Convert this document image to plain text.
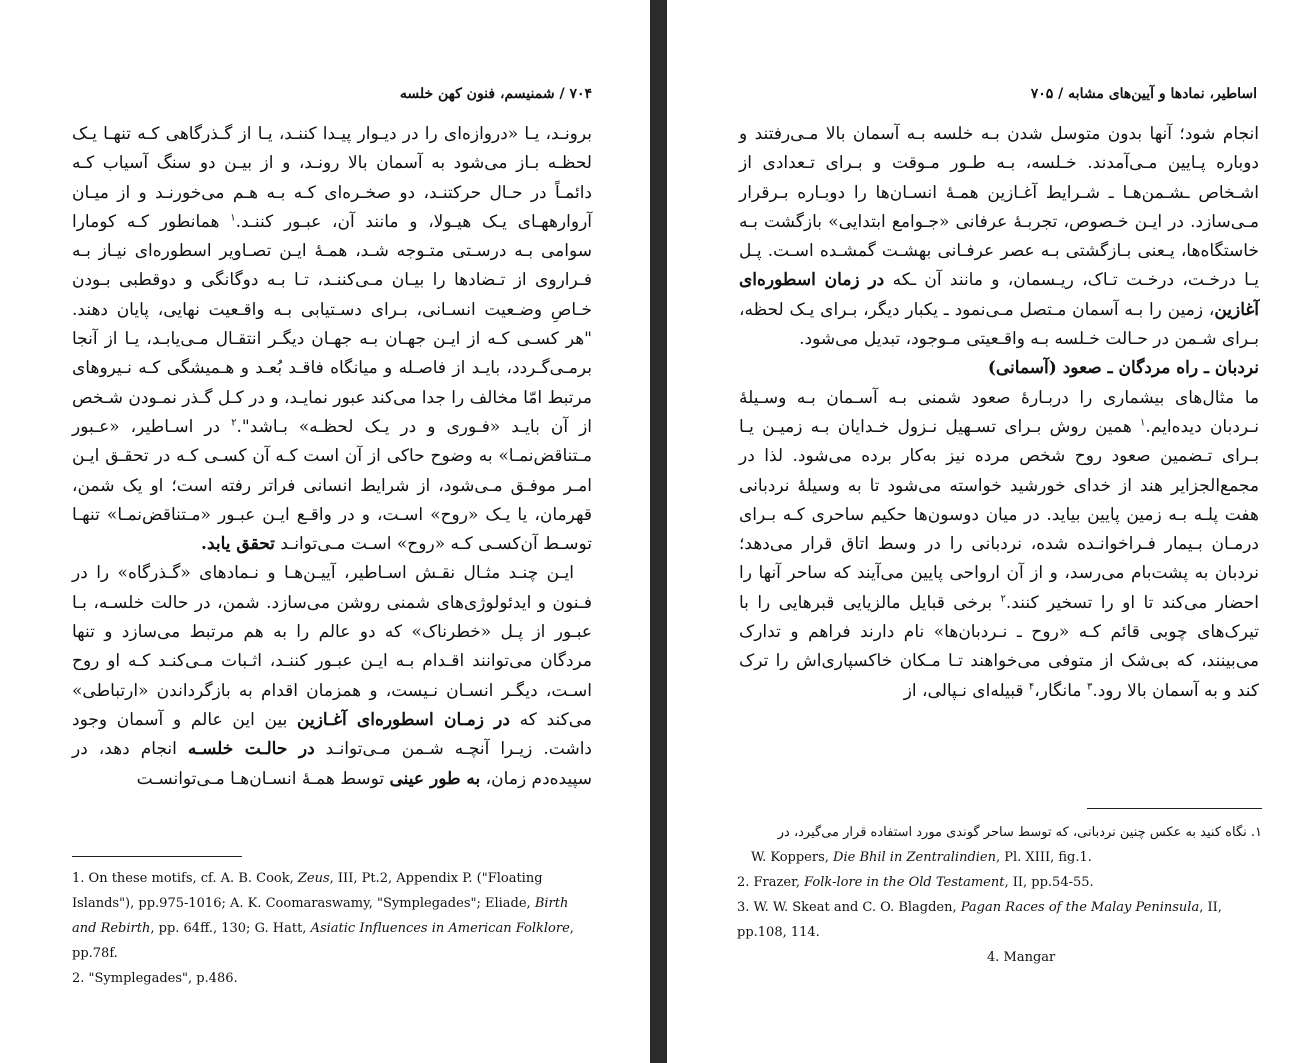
۷۰۴ / شمنیسم، فنون کهن خلسه

برونـد، یـا «دروازه‌ای را در دیـوار پیـدا کننـد، یـا از گـذرگاهی کـه تنهـا یـک لحظـه بـاز می‌شود به آسمان بالا رونـد، و از بیـن دو سنگ آسیاب کـه دائمـاً در حـال حرکتنـد، دو صخـره‌ای کـه بـه هـم می‌خورنـد و از میـان آروارههـای یـک هیـولا، و مانند آن، عبـور کننـد.$^۱$ همانطور کـه کومارا سوامی بـه درسـتی متـوجه شـد، همـهٔ ایـن تصـاویر اسطوره‌ای نیـاز بـه فـراروی از تـضادها را بیـان مـی‌کننـد، تـا بـه دوگانگی و دوقطبی بـودن خـاصِ وضـعیت انسـانی، بـرای دسـتیابی بـه واقـعیت نهایی، پایان دهند. "هر کسـی کـه از ایـن جهـان بـه جهـان دیگـر انتقـال مـی‌یابـد، یـا از آنجا برمـی‌گـردد، بایـد از فاصـله و میانگاه فاقـد بُعـد و هـمیشگی کـه نـیروهای مرتبط امّا مخالف را جدا می‌کند عبور نمایـد، و در کـل گـذر نمـودن شـخص از آن بایـد «فـوری و در یـک لحظـه» بـاشد".$^۲$ در اسـاطیر، «عـبور مـتناقض‌نمـا» به وضوح حاکی از آن است کـه آن کسـی کـه در تحقـق ایـن امـر موفـق مـی‌شود، از شرایط انسانی فراتر رفته است؛ او یک شمن، قهرمان، یا یـک «روح» اسـت، و در واقـع ایـن عبـور «مـتناقض‌نمـا» تنهـا توسـط آن‌کسـی کـه «روح» اسـت مـی‌توانـد تحقق یابد.

ایـن چنـد مثـال نقـش اسـاطیر، آییـن‌هـا و نـمادهای «گـذرگاه» را در فـنون و ایدئولوژی‌های شمنی روشن می‌سازد. شمن، در حالت خلسـه، بـا عبـور از پـل «خطرناک» که دو عالم را به هم مرتبط می‌سازد و تنها مردگان می‌توانند اقـدام بـه ایـن عبـور کننـد، اثـبات مـی‌کنـد کـه او روح اسـت، دیگـر انسـان نـیست، و همزمان اقدام به بازگرداندن «ارتباطی» می‌کند که در زمـان اسطوره‌ای آغـازین بین این عالم و آسمان وجود داشت. زیـرا آنچـه شـمن مـی‌توانـد در حالـت خلسـه انجام دهد، در سپیده‌دم زمان، به طور عینی توسط همـهٔ انسـان‌هـا مـی‌توانسـت

1. On these motifs, cf. A. B. Cook, Zeus, III, Pt.2, Appendix P. ("Floating Islands"), pp.975-1016; A. K. Coomaraswamy, "Symplegades"; Eliade, Birth and Rebirth, pp. 64ff., 130; G. Hatt, Asiatic Influences in American Folklore, pp.78f.

2. "Symplegades", p.486.

اساطیر، نمادها و آیین‌های مشابه / ۷۰۵

انجام شود؛ آنها بدون متوسل شدن بـه خلسه بـه آسمان بالا مـی‌رفتند و دوباره پـایین مـی‌آمدند. خـلسه، بـه طـور مـوقت و بـرای تـعدادی از اشـخاص ـشـمن‌هـا ـ شـرایط آغـازین همـهٔ انسـان‌ها را دوبـاره بـرقرار مـی‌سازد. در ایـن خـصوص، تجربـهٔ عرفانی «جـوامع ابتدایی» بازگشت بـه خاستگاه‌ها، یـعنی بـازگشتی بـه عصر عرفـانی بهشـت گمشـده اسـت. پـل یـا درخـت، درخـت تـاک، ریـسمان، و مانند آن ـکه در زمان اسطوره‌ای آغازین، زمین را بـه آسمان مـتصل مـی‌نمود ـ یکبار دیگر، بـرای یـک لحظه، بـرای شـمن در حـالت خـلسه بـه واقـعیتی مـوجود، تبدیل می‌شود.

نردبان ـ راه مردگان ـ صعود (آسمانی)

ما مثال‌های بیشماری را دربـارهٔ صعود شمنی بـه آسـمان بـه وسـیلهٔ نـردبان دیده‌ایم.$^۱$ همین روش بـرای تسـهیل نـزول خـدایان بـه زمیـن یـا بـرای تـضمین صعود روح شخص مرده نیز به‌کار برده می‌شود. لذا در مجمع‌الجزایر هند از خدای خورشید خواسته می‌شود تا به وسیلهٔ نردبانی هفت پلـه بـه زمین پایین بیاید. در میان دوسون‌ها حکیم ساحری کـه بـرای درمـان بـیمار فـراخوانـده شده، نردبانی را در وسط اتاق قرار می‌دهد؛ نردبان به پشت‌بام می‌رسد، و از آن ارواحی پایین می‌آیند که ساحر آنها را احضار می‌کند تا او را تسخیر کنند.$^۲$ برخی قبایل مالزیایی قبرهایی را با تیرک‌های چوبی قائم کـه «روح ـ نـردبان‌ها» نام دارند فراهم و تدارک می‌بینند، که بی‌شک از متوفی می‌خواهند تـا مـکان خاکسپاری‌اش را ترک کند و به آسمان بالا رود.$^۳$ مانگار،$^۴$ قبیله‌ای نـپالی، از

۱. نگاه کنید به عکس چنین نردبانی، که توسط ساحر گوندی مورد استفاده قرار می‌گیرد، در

W. Koppers, Die Bhil in Zentralindien, Pl. XIII, fig.1.

2. Frazer, Folk-lore in the Old Testament, II, pp.54-55.

3. W. W. Skeat and C. O. Blagden, Pagan Races of the Malay Peninsula, II, pp.108, 114.

4. Mangar
